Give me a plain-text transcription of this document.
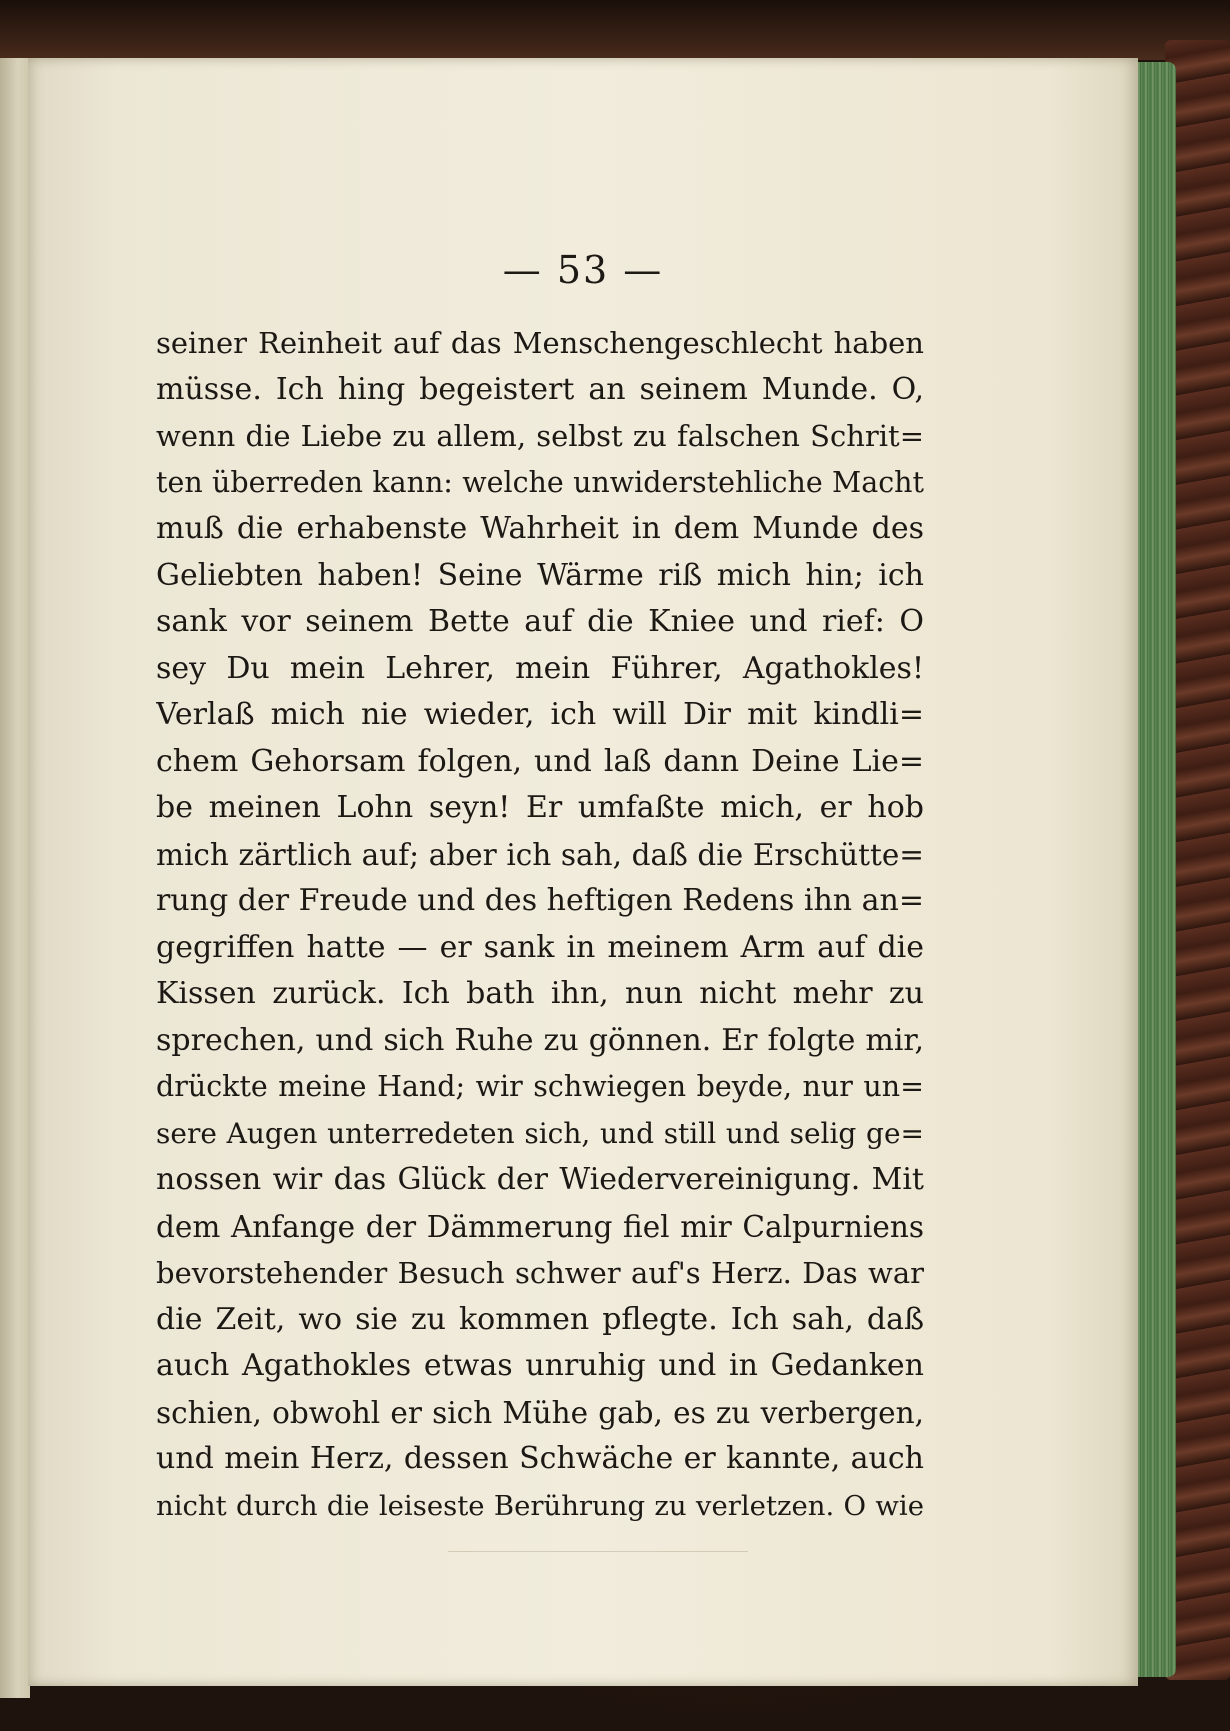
— 53 —
seiner Reinheit auf das Menschengeschlecht haben
müsse. Ich hing begeistert an seinem Munde. O,
wenn die Liebe zu allem, selbst zu falschen Schrit=
ten überreden kann: welche unwiderstehliche Macht
muß die erhabenste Wahrheit in dem Munde des
Geliebten haben! Seine Wärme riß mich hin; ich
sank vor seinem Bette auf die Kniee und rief: O
sey Du mein Lehrer, mein Führer, Agathokles!
Verlaß mich nie wieder, ich will Dir mit kindli=
chem Gehorsam folgen, und laß dann Deine Lie=
be meinen Lohn seyn! Er umfaßte mich, er hob
mich zärtlich auf; aber ich sah, daß die Erschütte=
rung der Freude und des heftigen Redens ihn an=
gegriffen hatte — er sank in meinem Arm auf die
Kissen zurück. Ich bath ihn, nun nicht mehr zu
sprechen, und sich Ruhe zu gönnen. Er folgte mir,
drückte meine Hand; wir schwiegen beyde, nur un=
sere Augen unterredeten sich, und still und selig ge=
nossen wir das Glück der Wiedervereinigung. Mit
dem Anfange der Dämmerung fiel mir Calpurniens
bevorstehender Besuch schwer auf's Herz. Das war
die Zeit, wo sie zu kommen pflegte. Ich sah, daß
auch Agathokles etwas unruhig und in Gedanken
schien, obwohl er sich Mühe gab, es zu verbergen,
und mein Herz, dessen Schwäche er kannte, auch
nicht durch die leiseste Berührung zu verletzen. O wie
